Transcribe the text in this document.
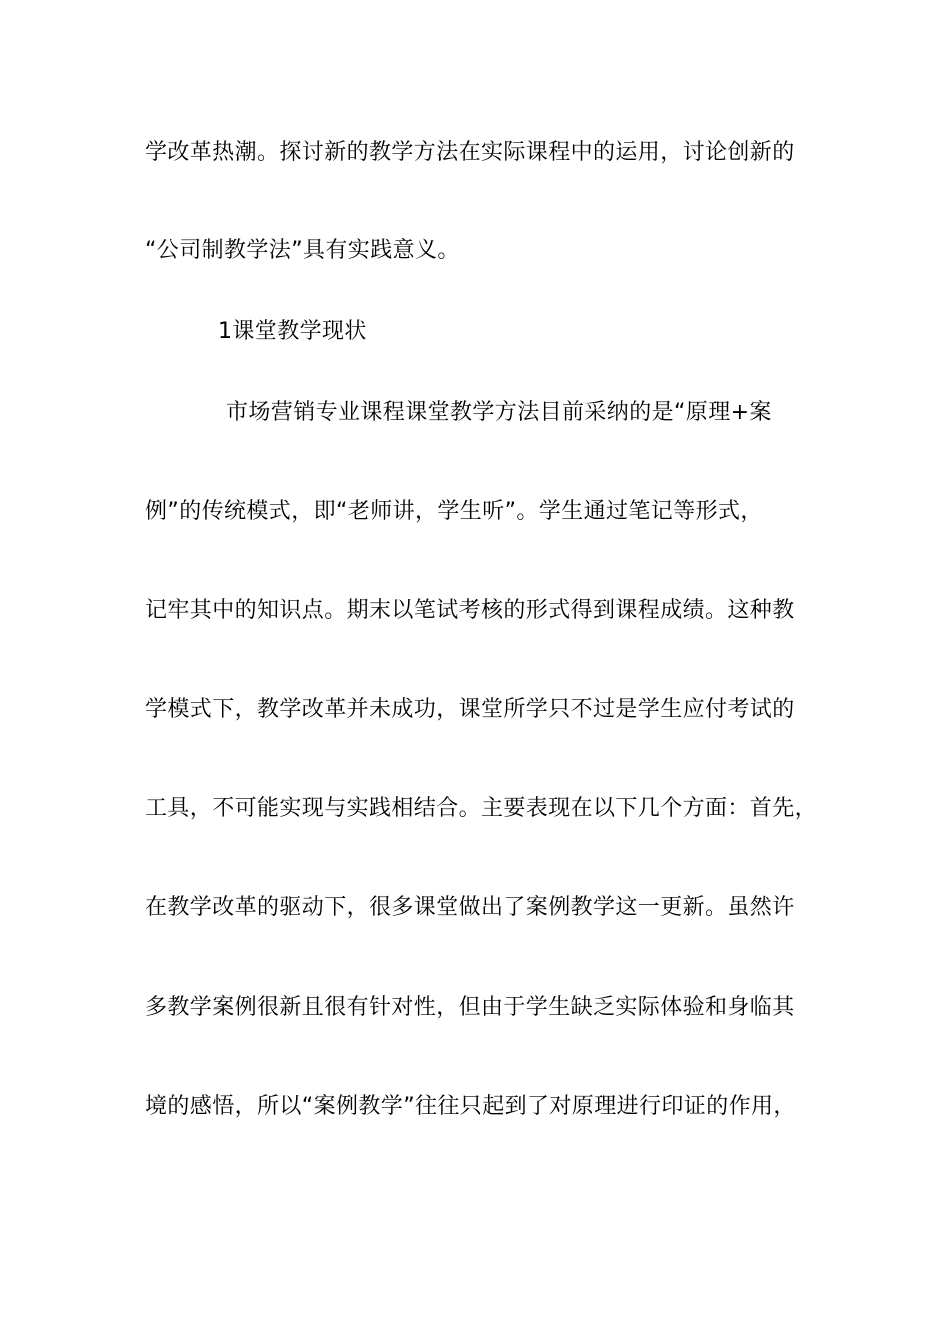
学改革热潮。探讨新的教学方法在实际课程中的运用，讨论创新的
“公司制教学法”具有实践意义。
1课堂教学现状
市场营销专业课程课堂教学方法目前采纳的是“原理+案
例”的传统模式，即“老师讲，学生听”。学生通过笔记等形式，
记牢其中的知识点。期末以笔试考核的形式得到课程成绩。这种教
学模式下，教学改革并未成功，课堂所学只不过是学生应付考试的
工具，不可能实现与实践相结合。主要表现在以下几个方面：首先，
在教学改革的驱动下，很多课堂做出了案例教学这一更新。虽然许
多教学案例很新且很有针对性，但由于学生缺乏实际体验和身临其
境的感悟，所以“案例教学”往往只起到了对原理进行印证的作用，
